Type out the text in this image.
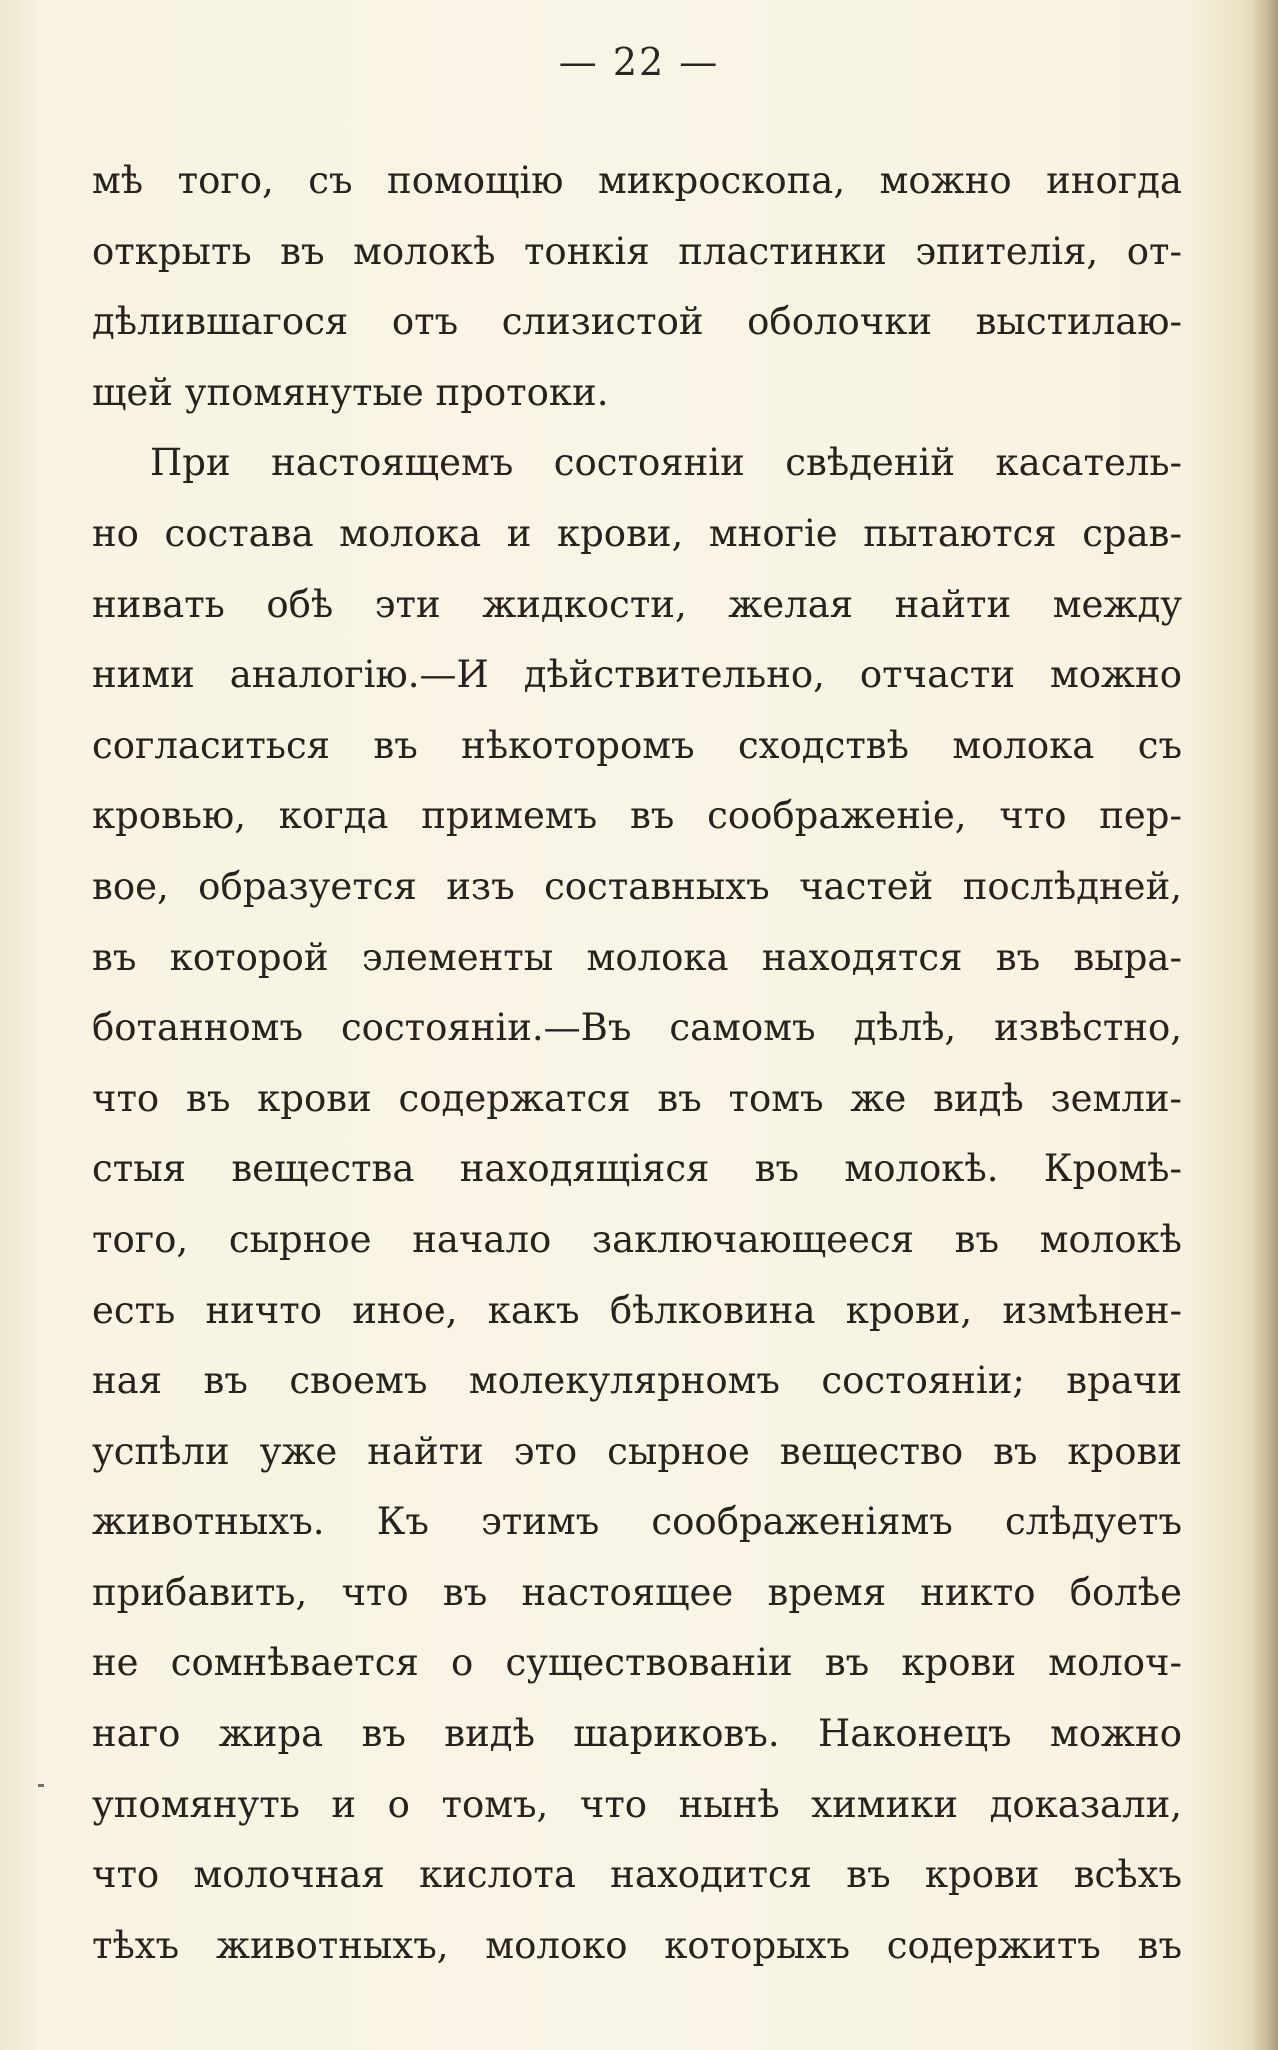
— 22 —
мѣ того, съ помощію микроскопа, можно иногда
открыть въ молокѣ тонкія пластинки эпителія, от-
дѣлившагося отъ слизистой оболочки выстилаю-
щей упомянутые протоки.
При настоящемъ состояніи свѣденій касатель-
но состава молока и крови, многіе пытаются срав-
нивать обѣ эти жидкости, желая найти между
ними аналогію.—И дѣйствительно, отчасти можно
согласиться въ нѣкоторомъ сходствѣ молока съ
кровью, когда примемъ въ соображеніе, что пер-
вое, образуется изъ составныхъ частей послѣдней,
въ которой элементы молока находятся въ выра-
ботанномъ состояніи.—Въ самомъ дѣлѣ, извѣстно,
что въ крови содержатся въ томъ же видѣ земли-
стыя вещества находящіяся въ молокѣ. Кромѣ-
того, сырное начало заключающееся въ молокѣ
есть ничто иное, какъ бѣлковина крови, измѣнен-
ная въ своемъ молекулярномъ состояніи; врачи
успѣли уже найти это сырное вещество въ крови
животныхъ. Къ этимъ соображеніямъ слѣдуетъ
прибавить, что въ настоящее время никто болѣе
не сомнѣвается о существованіи въ крови молоч-
наго жира въ видѣ шариковъ. Наконецъ можно
упомянуть и о томъ, что нынѣ химики доказали,
что молочная кислота находится въ крови всѣхъ
тѣхъ животныхъ, молоко которыхъ содержитъ въ
